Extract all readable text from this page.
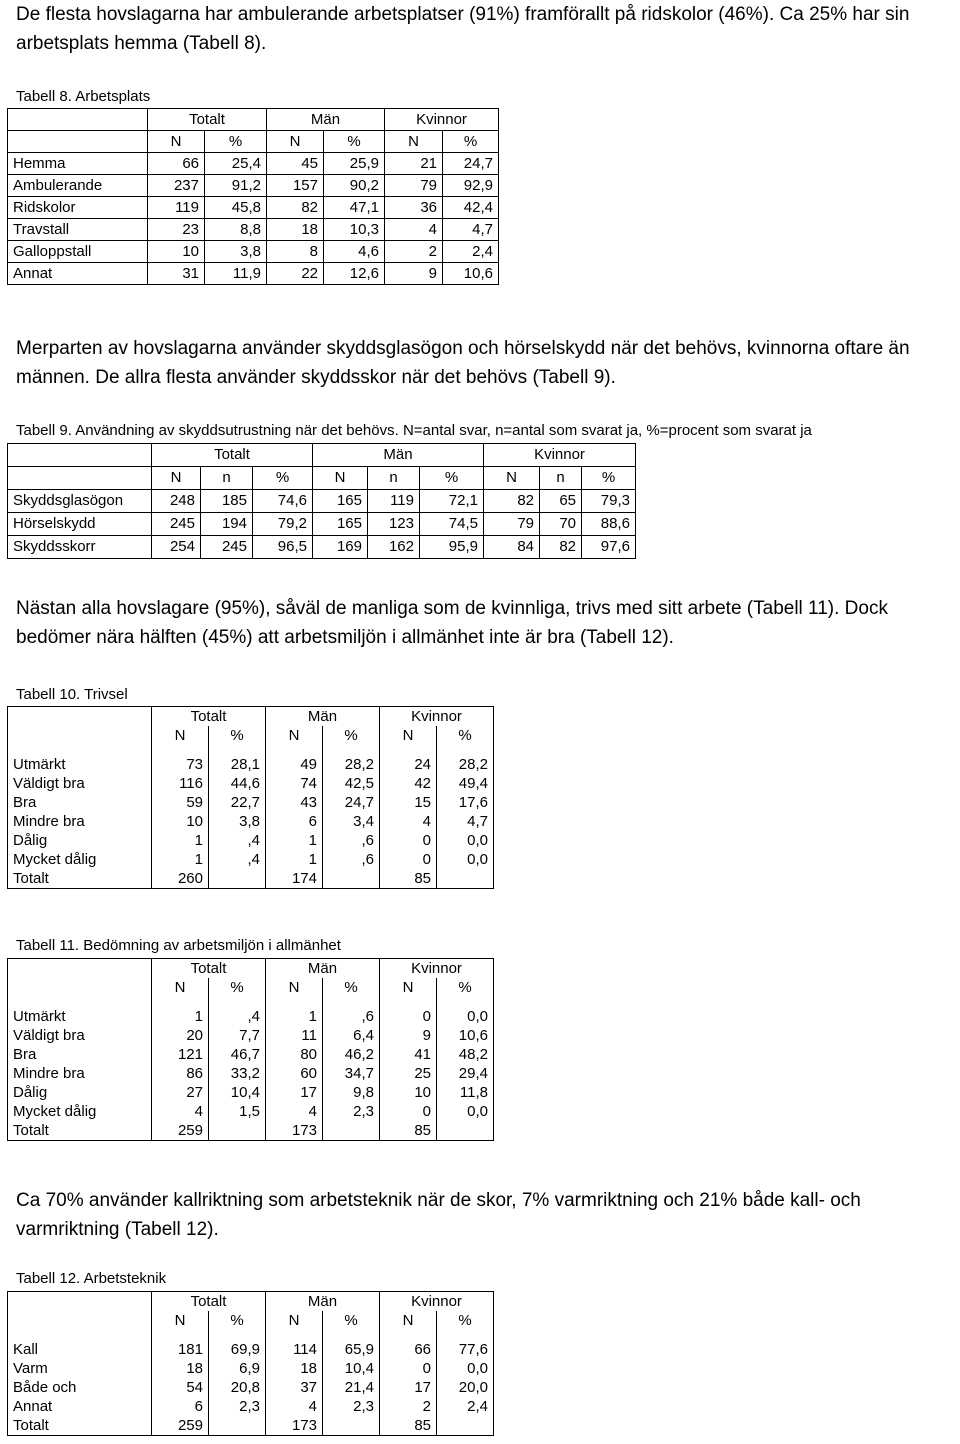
De flesta hovslagarna har ambulerande arbetsplatser (91%) framförallt på ridskolor (46%). Ca 25% har sin arbetsplats hemma (Tabell 8).

Tabell 8. Arbetsplats

	Totalt		Män		Kvinnor	
	N	%	N	%	N	%
Hemma	66	25,4	45	25,9	21	24,7
Ambulerande	237	91,2	157	90,2	79	92,9
Ridskolor	119	45,8	82	47,1	36	42,4
Travstall	23	8,8	18	10,3	4	4,7
Galloppstall	10	3,8	8	4,6	2	2,4
Annat	31	11,9	22	12,6	9	10,6

Merparten av hovslagarna använder skyddsglasögon och hörselskydd när det behövs, kvinnorna oftare än männen. De allra flesta använder skyddsskor när det behövs (Tabell 9).

Tabell 9. Användning av skyddsutrustning när det behövs. N=antal svar, n=antal som svarat ja, %=procent som svarat ja

	Totalt			Män			Kvinnor		
	N	n	%	N	n	%	N	n	%
Skyddsglasögon	248	185	74,6	165	119	72,1	82	65	79,3
Hörselskydd	245	194	79,2	165	123	74,5	79	70	88,6
Skyddsskorr	254	245	96,5	169	162	95,9	84	82	97,6

Nästan alla hovslagare (95%), såväl de manliga som de kvinnliga, trivs med sitt arbete (Tabell 11). Dock bedömer nära hälften (45%) att arbetsmiljön i allmänhet inte är bra (Tabell 12).

Tabell 10. Trivsel

	Totalt		Män		Kvinnor	
	N	%	N	%	N	%

Utmärkt	73	28,1	49	28,2	24	28,2
Väldigt bra	116	44,6	74	42,5	42	49,4
Bra	59	22,7	43	24,7	15	17,6
Mindre bra	10	3,8	6	3,4	4	4,7
Dålig	1	,4	1	,6	0	0,0
Mycket dålig	1	,4	1	,6	0	0,0
Totalt	260		174		85	

Tabell 11. Bedömning av arbetsmiljön i allmänhet

	Totalt		Män		Kvinnor	
	N	%	N	%	N	%

Utmärkt	1	,4	1	,6	0	0,0
Väldigt bra	20	7,7	11	6,4	9	10,6
Bra	121	46,7	80	46,2	41	48,2
Mindre bra	86	33,2	60	34,7	25	29,4
Dålig	27	10,4	17	9,8	10	11,8
Mycket dålig	4	1,5	4	2,3	0	0,0
Totalt	259		173		85	

Ca 70% använder kallriktning som arbetsteknik när de skor, 7% varmriktning och 21% både kall- och varmriktning (Tabell 12).

Tabell 12. Arbetsteknik

	Totalt		Män		Kvinnor	
	N	%	N	%	N	%

Kall	181	69,9	114	65,9	66	77,6
Varm	18	6,9	18	10,4	0	0,0
Både och	54	20,8	37	21,4	17	20,0
Annat	6	2,3	4	2,3	2	2,4
Totalt	259		173		85	
